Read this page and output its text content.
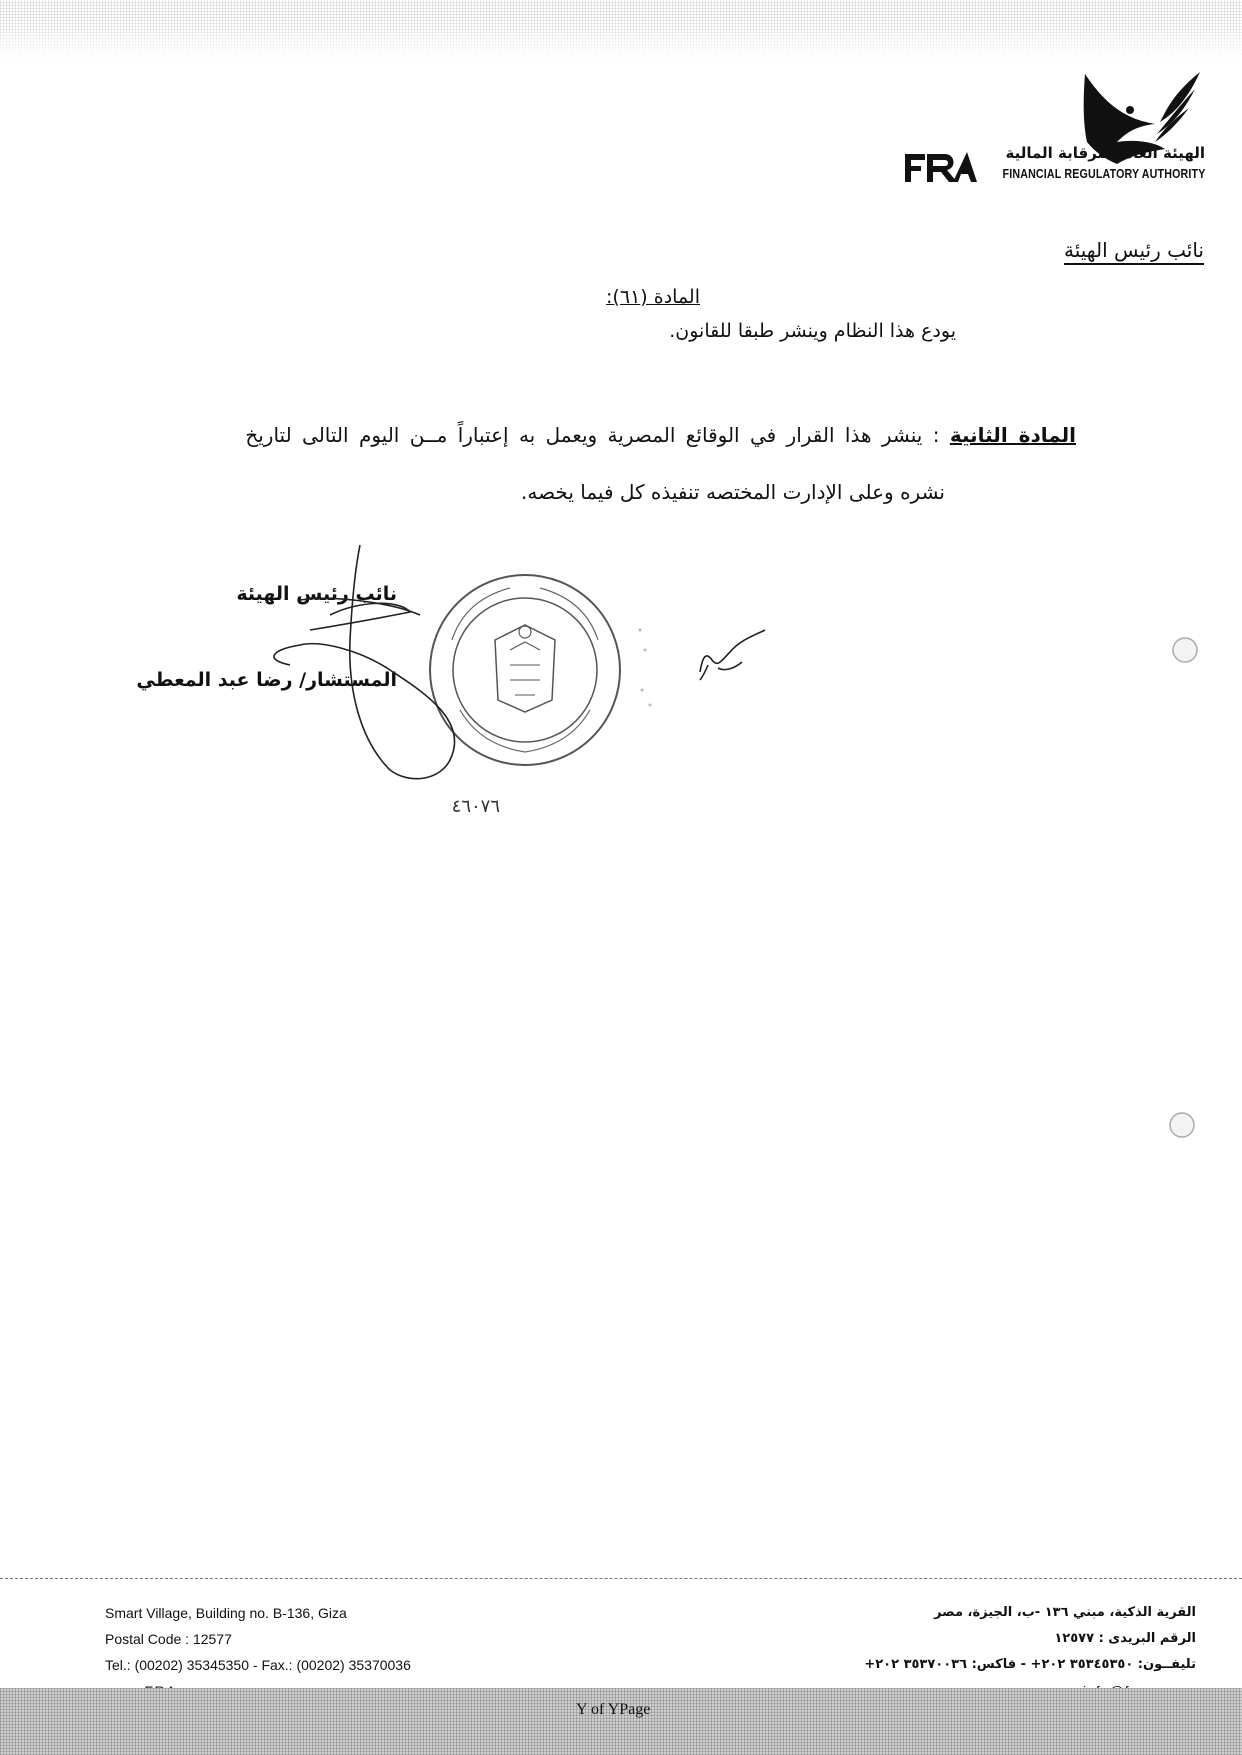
الهيئة العامة للرقابة المالية
FINANCIAL REGULATORY AUTHORITY
نائب رئيس الهيئة
المادة (٦١):
يودع هذا النظام وينشر طبقا للقانون.
المادة الثانية : ينشر هذا القرار في الوقائع المصرية ويعمل به إعتباراً مــن اليوم التالى لتاريخ
نشره وعلى الإدارت المختصه تنفيذه كل فيما يخصه.
نائب رئيس الهيئة
المستشار/ رضا عبد المعطي
٤٦٠٧٦
Smart Village, Building no. B-136, Giza
Postal Code : 12577
Tel.: (00202) 35345350 - Fax.: (00202) 35370036
القرية الذكية، مبني ١٣٦ -ب، الجيزة، مصر
الرقم البريدى : ١٢٥٧٧
تليفــون: ٣٥٣٤٥٣٥٠ ٢٠٢+ - فاكس: ٣٥٣٧٠٠٣٦ ٢٠٢+
Y of YPage
